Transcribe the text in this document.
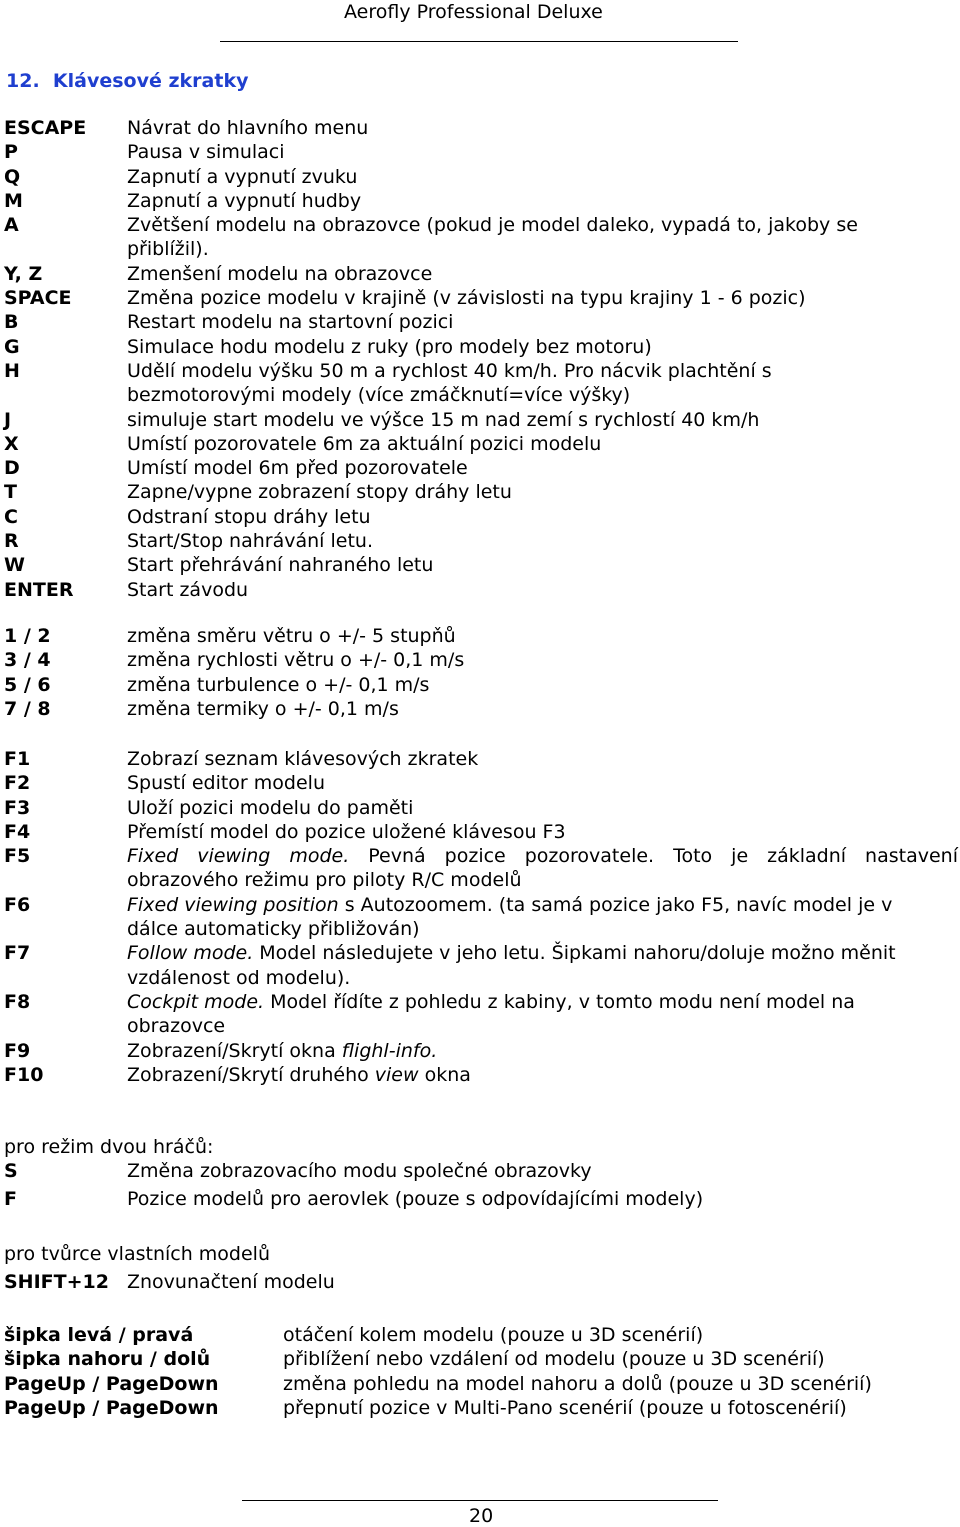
Aerofly Professional Deluxe
12. Klávesové zkratky
ESCAPE Návrat do hlavního menu
P	Pausa v simulaci
Q	Zapnutí a vypnutí zvuku
M	Zapnutí a vypnutí hudby
A	Zvětšení modelu na obrazovce (pokud je model daleko, vypadá to, jakoby se přiblížil).
Y, Z	Zmenšení modelu na obrazovce
SPACE	Změna pozice modelu v krajině (v závislosti na typu krajiny 1 - 6 pozic)
B	Restart modelu na startovní pozici
G	Simulace hodu modelu z ruky (pro modely bez motoru)
H	Udělí modelu výšku 50 m a rychlost 40 km/h. Pro nácvik plachtění s bezmotorovými modely (více zmáčknutí=více výšky)
J	simuluje start modelu ve výšce 15 m nad zemí s rychlostí 40 km/h
X	Umístí pozorovatele 6m za aktuální pozici modelu
D	Umístí model 6m před pozorovatele
T	Zapne/vypne zobrazení stopy dráhy letu
C	Odstraní stopu dráhy letu
R	Start/Stop nahrávání letu.
W	Start přehrávání nahraného letu
ENTER	Start závodu
1 / 2	změna směru větru o +/- 5 stupňů
3 / 4	změna rychlosti větru o +/- 0,1 m/s
5 / 6	změna turbulence o +/- 0,1 m/s
7 / 8	změna termiky o +/- 0,1 m/s
F1	Zobrazí seznam klávesových zkratek
F2	Spustí editor modelu
F3	Uloží pozici modelu do paměti
F4	Přemístí model do pozice uložené klávesou F3
F5	Fixed viewing mode. Pevná pozice pozorovatele. Toto je základní nastavení obrazového režimu pro piloty R/C modelů
F6	Fixed viewing position s Autozoomem. (ta samá pozice jako F5, navíc model je v dálce automaticky přibližován)
F7	Follow mode. Model následujete v jeho letu. Šipkami nahoru/doluje možno měnit vzdálenost od modelu).
F8	Cockpit mode. Model řídíte z pohledu z kabiny, v tomto modu není model na obrazovce
F9	Zobrazení/Skrytí okna flighl-info.
F10	Zobrazení/Skrytí druhého view okna
pro režim dvou hráčů:
S	Změna zobrazovacího modu společné obrazovky
F	Pozice modelů pro aerovlek (pouze s odpovídajícími modely)
pro tvůrce vlastních modelů
SHIFT+12 Znovunačtení modelu
šipka levá / pravá	otáčení kolem modelu (pouze u 3D scenérií)
šipka nahoru / dolů	přiblížení nebo vzdálení od modelu (pouze u 3D scenérií)
PageUp / PageDown	změna pohledu na model nahoru a dolů (pouze u 3D scenérií)
PageUp / PageDown	přepnutí pozice v Multi-Pano scenérií (pouze u fotoscenérií)
20
